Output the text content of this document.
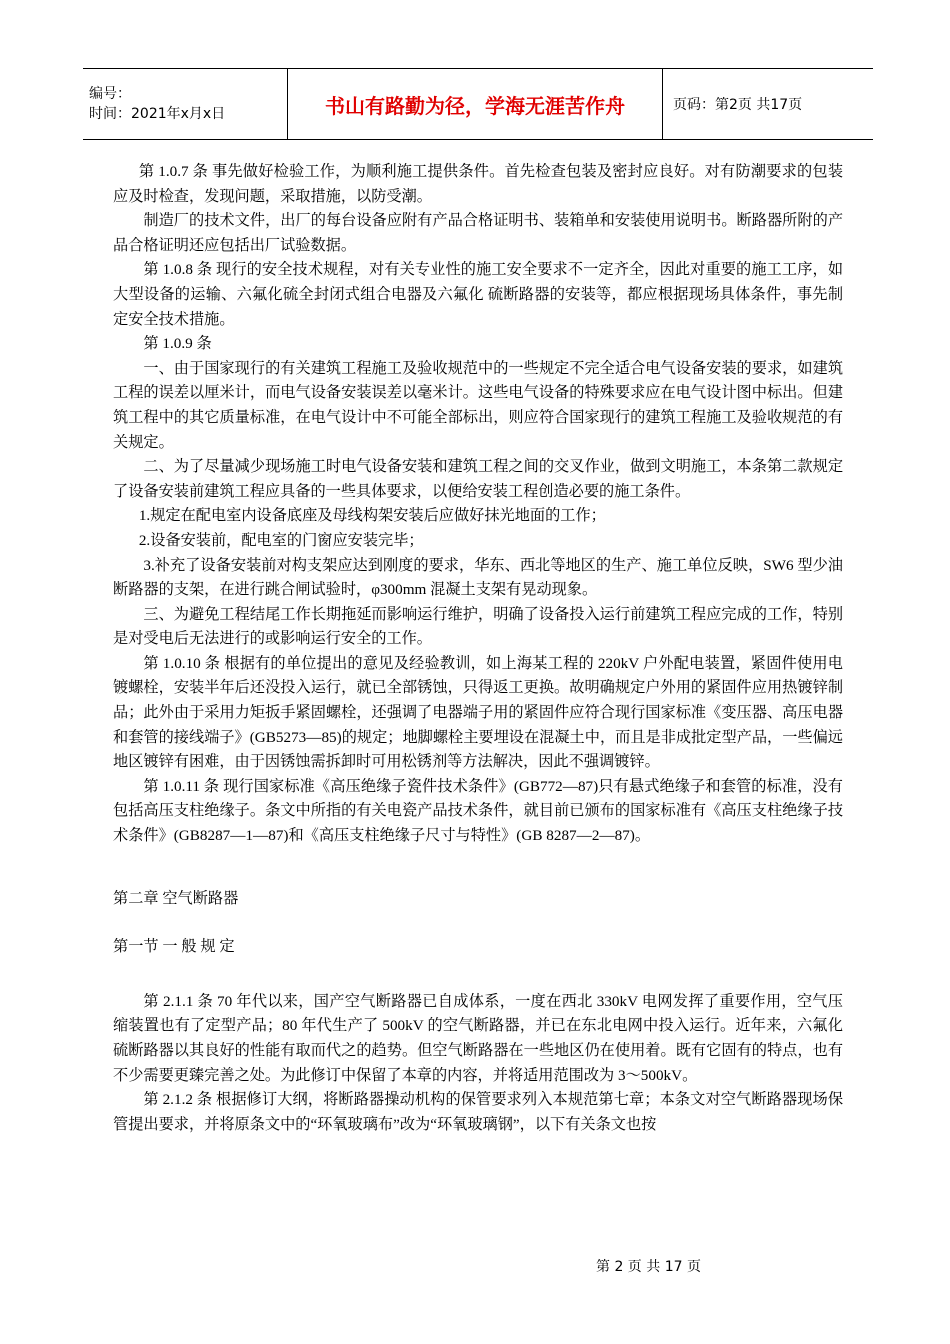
编号：
时间：2021年x月x日	书山有路勤为径，学海无涯苦作舟	页码：第2页 共17页

第 1.0.7 条 事先做好检验工作，为顺利施工提供条件。首先检查包装及密封应良好。对有防潮要求的包装应及时检查，发现问题，采取措施，以防受潮。

制造厂的技术文件，出厂的每台设备应附有产品合格证明书、装箱单和安装使用说明书。断路器所附的产品合格证明还应包括出厂试验数据。

第 1.0.8 条 现行的安全技术规程，对有关专业性的施工安全要求不一定齐全，因此对重要的施工工序，如大型设备的运输、六氟化硫全封闭式组合电器及六氟化 硫断路器的安装等，都应根据现场具体条件，事先制定安全技术措施。

第 1.0.9 条

一、由于国家现行的有关建筑工程施工及验收规范中的一些规定不完全适合电气设备安装的要求，如建筑工程的误差以厘米计，而电气设备安装误差以毫米计。这些电气设备的特殊要求应在电气设计图中标出。但建筑工程中的其它质量标准，在电气设计中不可能全部标出，则应符合国家现行的建筑工程施工及验收规范的有关规定。

二、为了尽量减少现场施工时电气设备安装和建筑工程之间的交叉作业，做到文明施工，本条第二款规定了设备安装前建筑工程应具备的一些具体要求，以便给安装工程创造必要的施工条件。

1.规定在配电室内设备底座及母线构架安装后应做好抹光地面的工作；

2.设备安装前，配电室的门窗应安装完毕；

3.补充了设备安装前对构支架应达到刚度的要求，华东、西北等地区的生产、施工单位反映，SW6 型少油断路器的支架，在进行跳合闸试验时，φ300mm 混凝土支架有晃动现象。

三、为避免工程结尾工作长期拖延而影响运行维护，明确了设备投入运行前建筑工程应完成的工作，特别是对受电后无法进行的或影响运行安全的工作。

第 1.0.10 条 根据有的单位提出的意见及经验教训，如上海某工程的 220kV 户外配电装置，紧固件使用电镀螺栓，安装半年后还没投入运行，就已全部锈蚀，只得返工更换。故明确规定户外用的紧固件应用热镀锌制品；此外由于采用力矩扳手紧固螺栓，还强调了电器端子用的紧固件应符合现行国家标准《变压器、高压电器和套管的接线端子》(GB5273—85)的规定；地脚螺栓主要埋设在混凝土中，而且是非成批定型产品，一些偏远地区镀锌有困难，由于因锈蚀需拆卸时可用松锈剂等方法解决，因此不强调镀锌。

第 1.0.11 条 现行国家标准《高压绝缘子瓷件技术条件》(GB772—87)只有悬式绝缘子和套管的标准，没有包括高压支柱绝缘子。条文中所指的有关电瓷产品技术条件，就目前已颁布的国家标准有《高压支柱绝缘子技术条件》(GB8287—1—87)和《高压支柱绝缘子尺寸与特性》(GB 8287—2—87)。

第二章 空气断路器

第一节 一 般 规 定

第 2.1.1 条 70 年代以来，国产空气断路器已自成体系，一度在西北 330kV 电网发挥了重要作用，空气压缩装置也有了定型产品；80 年代生产了 500kV 的空气断路器，并已在东北电网中投入运行。近年来，六氟化硫断路器以其良好的性能有取而代之的趋势。但空气断路器在一些地区仍在使用着。既有它固有的特点，也有不少需要更臻完善之处。为此修订中保留了本章的内容，并将适用范围改为 3～500kV。

第 2.1.2 条 根据修订大纲，将断路器操动机构的保管要求列入本规范第七章；本条文对空气断路器现场保管提出要求，并将原条文中的“环氧玻璃布”改为“环氧玻璃钢”，以下有关条文也按

第 2 页 共 17 页
